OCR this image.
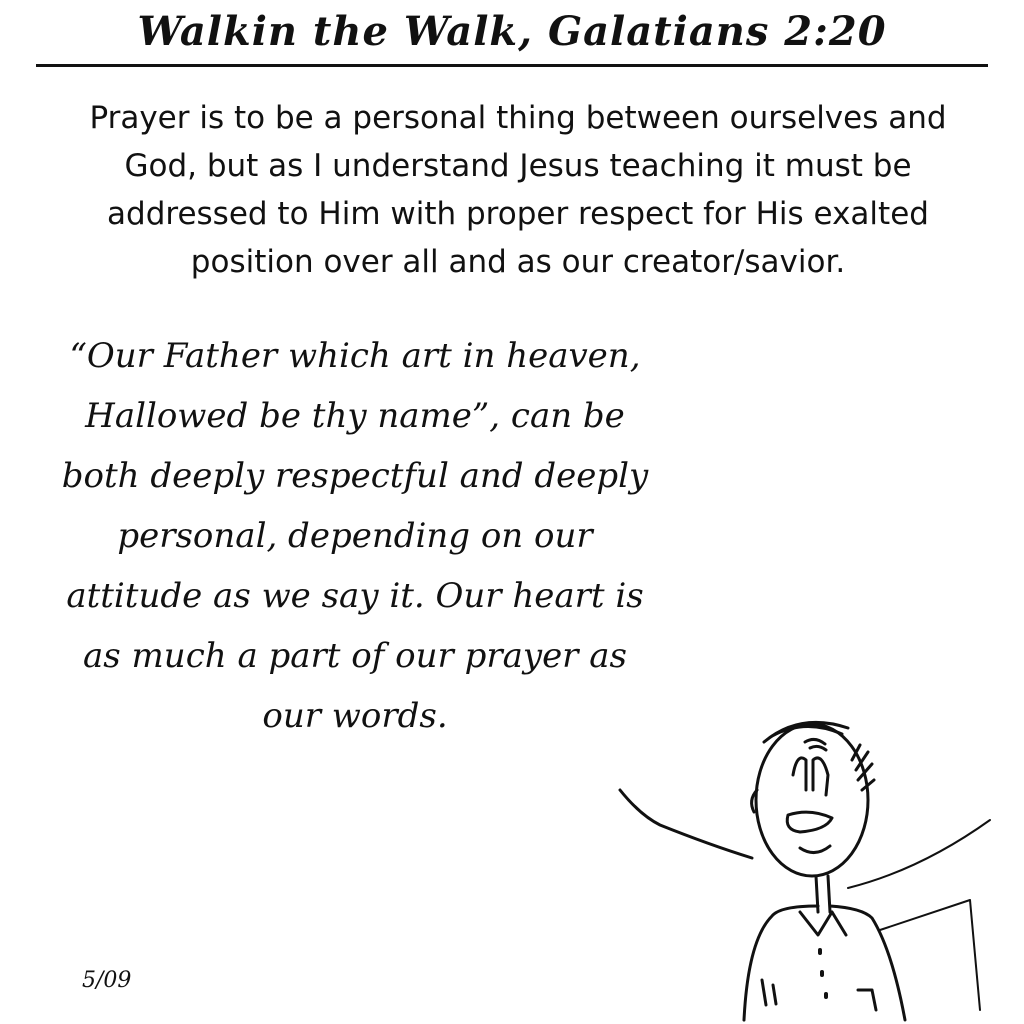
Walkin the Walk, Galatians 2:20

Prayer is to be a personal thing between ourselves and God, but as I understand Jesus teaching it must be addressed to Him with proper respect for His exalted position over all and as our creator/savior.

“Our Father which art in heaven, Hallowed be thy name”, can be both deeply respectful and deeply personal, depending on our attitude as we say it. Our heart is as much a part of our prayer as our words.

5/09
